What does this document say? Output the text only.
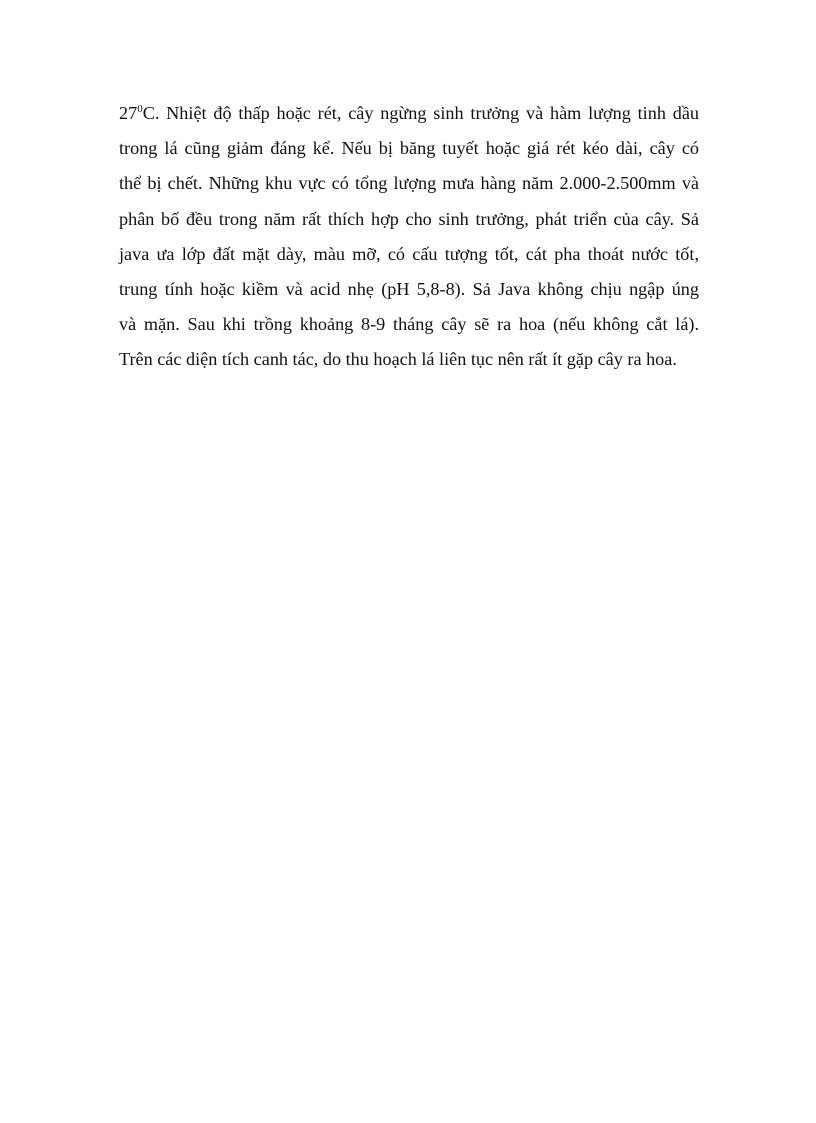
$27^0C$. Nhiệt độ thấp hoặc rét, cây ngừng sinh trưởng và hàm lượng tinh dầu
trong lá cũng giảm đáng kể. Nếu bị băng tuyết hoặc giá rét kéo dài, cây có
thể bị chết. Những khu vực có tổng lượng mưa hàng năm 2.000-2.500mm và
phân bố đều trong năm rất thích hợp cho sinh trưởng, phát triển của cây. Sả
java ưa lớp đất mặt dày, màu mỡ, có cấu tượng tốt, cát pha thoát nước tốt,
trung tính hoặc kiềm và acid nhẹ (pH 5,8-8). Sả Java không chịu ngập úng
và mặn. Sau khi trồng khoảng 8-9 tháng cây sẽ ra hoa (nếu không cắt lá).
Trên các diện tích canh tác, do thu hoạch lá liên tục nên rất ít gặp cây ra hoa.
